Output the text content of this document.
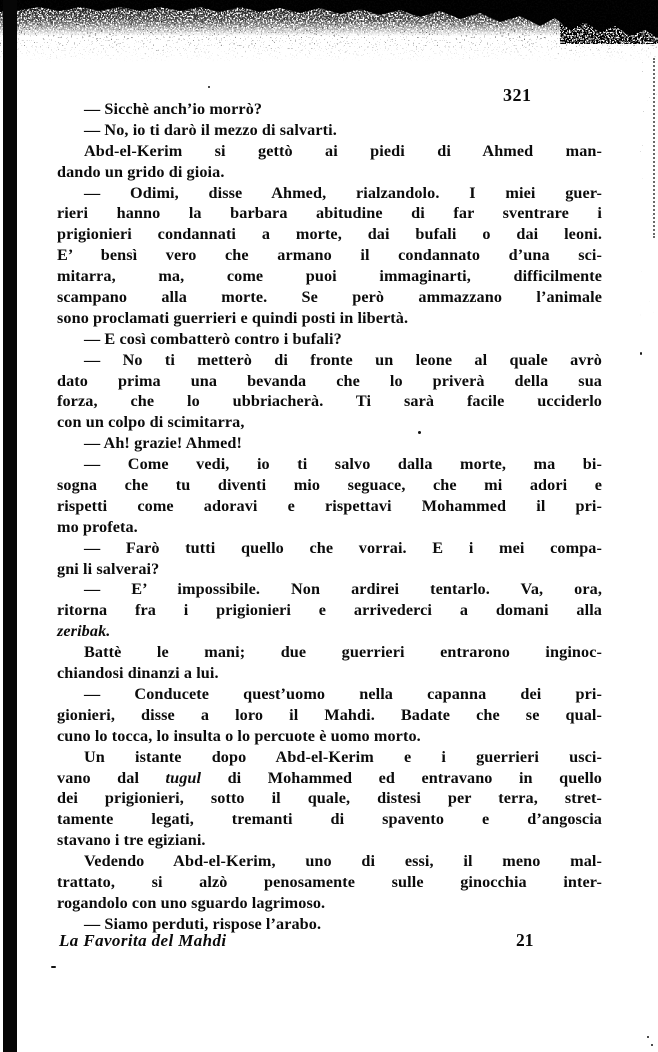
321
— Sicchè anch’io morrò?
— No, io ti darò il mezzo di salvarti.
Abd-el-Kerim si gettò ai piedi di Ahmed man-
dando un grido di gioia.
— Odimi, disse Ahmed, rialzandolo. I miei guer-
rieri hanno la barbara abitudine di far sventrare i
prigionieri condannati a morte, dai bufali o dai leoni.
E’ bensì vero che armano il condannato d’una sci-
mitarra, ma, come puoi immaginarti, difficilmente
scampano alla morte. Se però ammazzano l’animale
sono proclamati guerrieri e quindi posti in libertà.
— E così combatterò contro i bufali?
— No ti metterò di fronte un leone al quale avrò
dato prima una bevanda che lo priverà della sua
forza, che lo ubbriacherà. Ti sarà facile ucciderlo
con un colpo di scimitarra,
— Ah! grazie! Ahmed!
— Come vedi, io ti salvo dalla morte, ma bi-
sogna che tu diventi mio seguace, che mi adori e
rispetti come adoravi e rispettavi Mohammed il pri-
mo profeta.
— Farò tutti quello che vorrai. E i mei compa-
gni li salverai?
— E’ impossibile. Non ardirei tentarlo. Va, ora,
ritorna fra i prigionieri e arrivederci a domani alla
zeribak.
Battè le mani; due guerrieri entrarono inginoc-
chiandosi dinanzi a lui.
— Conducete quest’uomo nella capanna dei pri-
gionieri, disse a loro il Mahdi. Badate che se qual-
cuno lo tocca, lo insulta o lo percuote è uomo morto.
Un istante dopo Abd-el-Kerim e i guerrieri usci-
vano dal tugul di Mohammed ed entravano in quello
dei prigionieri, sotto il quale, distesi per terra, stret-
tamente legati, tremanti di spavento e d’angoscia
stavano i tre egiziani.
Vedendo Abd-el-Kerim, uno di essi, il meno mal-
trattato, si alzò penosamente sulle ginocchia inter-
rogandolo con uno sguardo lagrimoso.
— Siamo perduti, rispose l’arabo.
La Favorita del Mahdi	21
